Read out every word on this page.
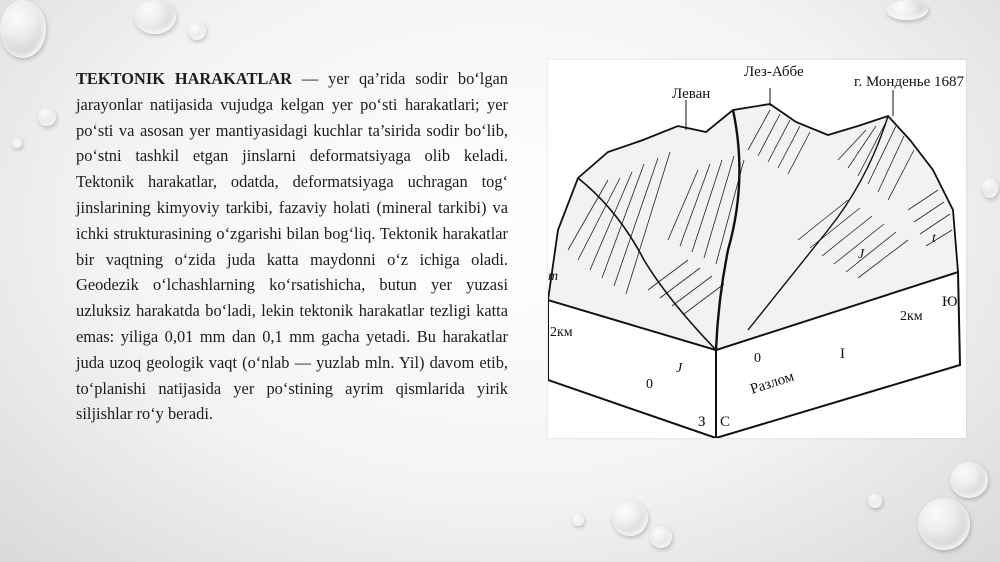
TEKTONIK HARAKATLAR — yer qa’rida sodir bo‘lgan jarayonlar natijasida vujudga kelgan yer po‘sti harakatlari; yer po‘sti va asosan yer mantiyasidagi kuchlar ta’sirida sodir bo‘lib, po‘stni tashkil etgan jinslarni deformatsiyaga olib keladi. Tektonik harakatlar, odatda, deformatsiyaga uchragan tog‘ jinslarining kimyoviy tarkibi, fazaviy holati (mineral tarkibi) va ichki strukturasining o‘zgarishi bilan bog‘liq. Tektonik harakatlar bir vaqtning o‘zida juda katta maydonni o‘z ichiga oladi. Geodezik o‘lchashlarning ko‘rsatishicha, butun yer yuzasi uzluksiz harakatda bo‘ladi, lekin tektonik harakatlar tezligi katta emas: yiliga 0,01 mm dan 0,1 mm gacha yetadi. Bu harakatlar juda uzoq geologik vaqt (o‘nlab — yuzlab mln. Yil) davom etib, to‘planishi natijasida yer po‘stining ayrim qismlarida yirik siljishlar ro‘y beradi.

Леван
Лез-Аббе
г. Монденье 1687
m
J
t
J
2км
2км
Ю
Разлом
0
0	I
З С
